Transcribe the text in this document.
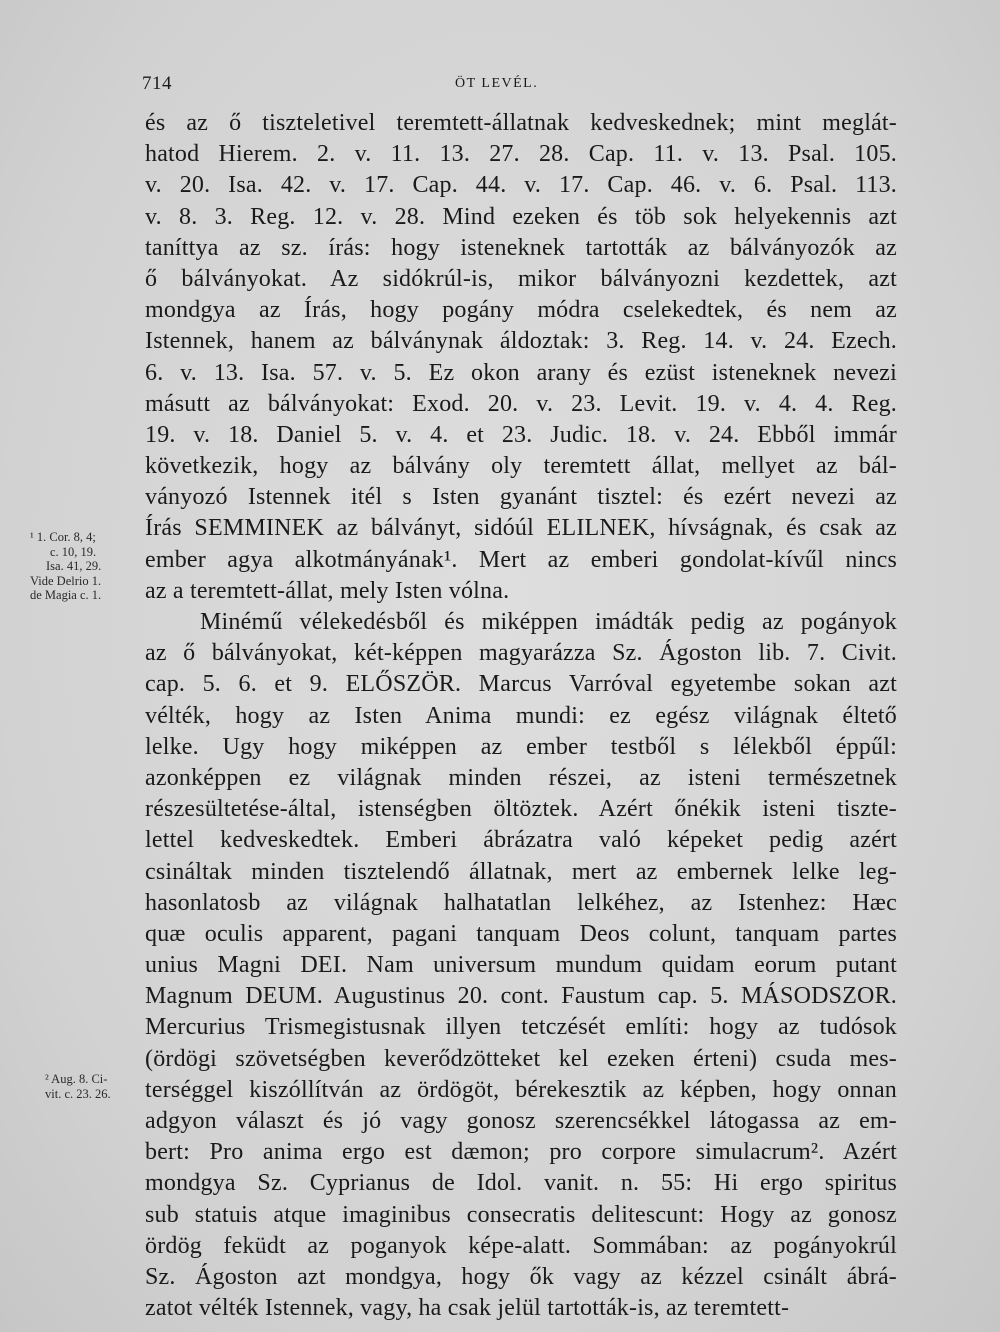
714	ÖT LEVÉL.
¹ 1. Cor. 8, 4;
c. 10, 19.
Isa. 41, 29.
Vide Delrio 1.
de Magia c. 1.
² Aug. 8. Ci-
vit. c. 23. 26.
és az ő tiszteletivel teremtett-állatnak kedveskednek; mint meglát-
hatod Hierem. 2. v. 11. 13. 27. 28. Cap. 11. v. 13. Psal. 105.
v. 20. Isa. 42. v. 17. Cap. 44. v. 17. Cap. 46. v. 6. Psal. 113.
v. 8. 3. Reg. 12. v. 28. Mind ezeken és töb sok helyekennis azt
taníttya az sz. írás: hogy isteneknek tartották az bálványozók az
ő bálványokat. Az sidókrúl-is, mikor bálványozni kezdettek, azt
mondgya az Írás, hogy pogány módra cselekedtek, és nem az
Istennek, hanem az bálványnak áldoztak: 3. Reg. 14. v. 24. Ezech.
6. v. 13. Isa. 57. v. 5. Ez okon arany és ezüst isteneknek nevezi
másutt az bálványokat: Exod. 20. v. 23. Levit. 19. v. 4. 4. Reg.
19. v. 18. Daniel 5. v. 4. et 23. Judic. 18. v. 24. Ebből immár
következik, hogy az bálvány oly teremtett állat, mellyet az bál-
ványozó Istennek itél s Isten gyanánt tisztel: és ezért nevezi az
Írás SEMMINEK az bálványt, sidóúl ELILNEK, hívságnak, és csak az
ember agya alkotmányának¹. Mert az emberi gondolat-kívűl nincs
az a teremtett-állat, mely Isten vólna.
Minémű vélekedésből és miképpen imádták pedig az pogányok
az ő bálványokat, két-képpen magyarázza Sz. Ágoston lib. 7. Civit.
cap. 5. 6. et 9. ELŐSZÖR. Marcus Varróval egyetembe sokan azt
vélték, hogy az Isten Anima mundi: ez egész világnak éltető
lelke. Ugy hogy miképpen az ember testből s lélekből éppűl:
azonképpen ez világnak minden részei, az isteni természetnek
részesültetése-által, istenségben öltöztek. Azért őnékik isteni tiszte-
lettel kedveskedtek. Emberi ábrázatra való képeket pedig azért
csináltak minden tisztelendő állatnak, mert az embernek lelke leg-
hasonlatosb az világnak halhatatlan lelkéhez, az Istenhez: Hæc
quæ oculis apparent, pagani tanquam Deos colunt, tanquam partes
unius Magni DEI. Nam universum mundum quidam eorum putant
Magnum DEUM. Augustinus 20. cont. Faustum cap. 5. MÁSODSZOR.
Mercurius Trismegistusnak illyen tetczését említi: hogy az tudósok
(ördögi szövetségben keverődzötteket kel ezeken érteni) csuda mes-
terséggel kiszóllítván az ördögöt, bérekesztik az képben, hogy onnan
adgyon választ és jó vagy gonosz szerencsékkel látogassa az em-
bert: Pro anima ergo est dæmon; pro corpore simulacrum². Azért
mondgya Sz. Cyprianus de Idol. vanit. n. 55: Hi ergo spiritus
sub statuis atque imaginibus consecratis delitescunt: Hogy az gonosz
ördög feküdt az poganyok képe-alatt. Sommában: az pogányokrúl
Sz. Ágoston azt mondgya, hogy ők vagy az kézzel csinált ábrá-
zatot vélték Istennek, vagy, ha csak jelül tartották-is, az teremtett-
